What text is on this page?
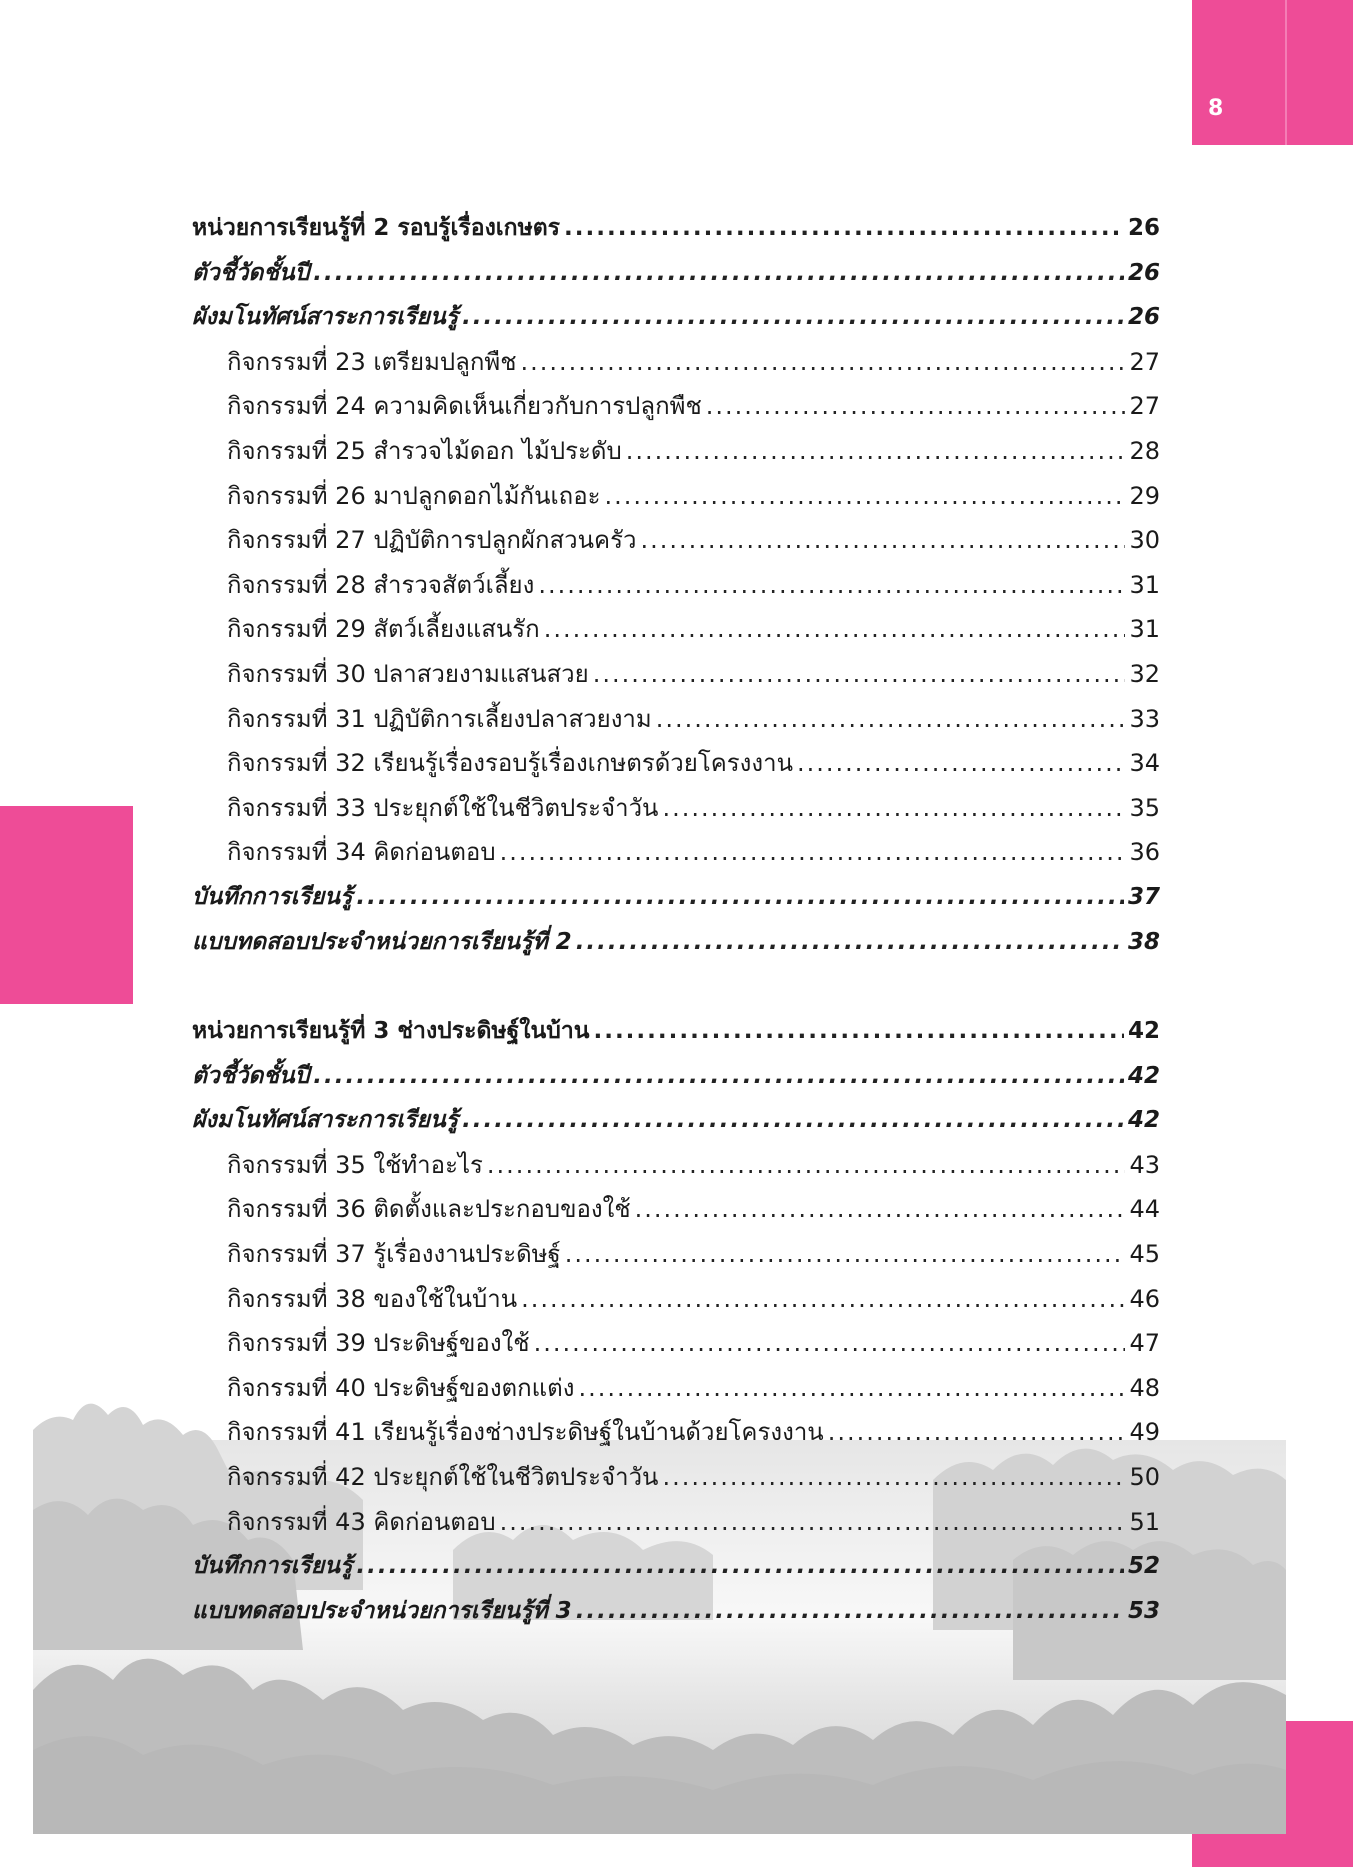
8
หน่วยการเรียนรู้ที่ 2 รอบรู้เรื่องเกษตร .....	26
ตัวชี้วัดชั้นปี .....	26
ผังมโนทัศน์สาระการเรียนรู้ .....	26
กิจกรรมที่ 23 เตรียมปลูกพืช .....	27
กิจกรรมที่ 24 ความคิดเห็นเกี่ยวกับการปลูกพืช .....	27
กิจกรรมที่ 25 สำรวจไม้ดอก ไม้ประดับ .....	28
กิจกรรมที่ 26 มาปลูกดอกไม้กันเถอะ .....	29
กิจกรรมที่ 27 ปฏิบัติการปลูกผักสวนครัว .....	30
กิจกรรมที่ 28 สำรวจสัตว์เลี้ยง .....	31
กิจกรรมที่ 29 สัตว์เลี้ยงแสนรัก .....	31
กิจกรรมที่ 30 ปลาสวยงามแสนสวย .....	32
กิจกรรมที่ 31 ปฏิบัติการเลี้ยงปลาสวยงาม .....	33
กิจกรรมที่ 32 เรียนรู้เรื่องรอบรู้เรื่องเกษตรด้วยโครงงาน .....	34
กิจกรรมที่ 33 ประยุกต์ใช้ในชีวิตประจำวัน .....	35
กิจกรรมที่ 34 คิดก่อนตอบ .....	36
บันทึกการเรียนรู้ .....	37
แบบทดสอบประจำหน่วยการเรียนรู้ที่ 2 .....	38
หน่วยการเรียนรู้ที่ 3 ช่างประดิษฐ์ในบ้าน .....	42
ตัวชี้วัดชั้นปี .....	42
ผังมโนทัศน์สาระการเรียนรู้ .....	42
กิจกรรมที่ 35 ใช้ทำอะไร .....	43
กิจกรรมที่ 36 ติดตั้งและประกอบของใช้ .....	44
กิจกรรมที่ 37 รู้เรื่องงานประดิษฐ์ .....	45
กิจกรรมที่ 38 ของใช้ในบ้าน .....	46
กิจกรรมที่ 39 ประดิษฐ์ของใช้ .....	47
กิจกรรมที่ 40 ประดิษฐ์ของตกแต่ง .....	48
กิจกรรมที่ 41 เรียนรู้เรื่องช่างประดิษฐ์ในบ้านด้วยโครงงาน .....	49
กิจกรรมที่ 42 ประยุกต์ใช้ในชีวิตประจำวัน .....	50
กิจกรรมที่ 43 คิดก่อนตอบ .....	51
บันทึกการเรียนรู้ .....	52
แบบทดสอบประจำหน่วยการเรียนรู้ที่ 3 .....	53
